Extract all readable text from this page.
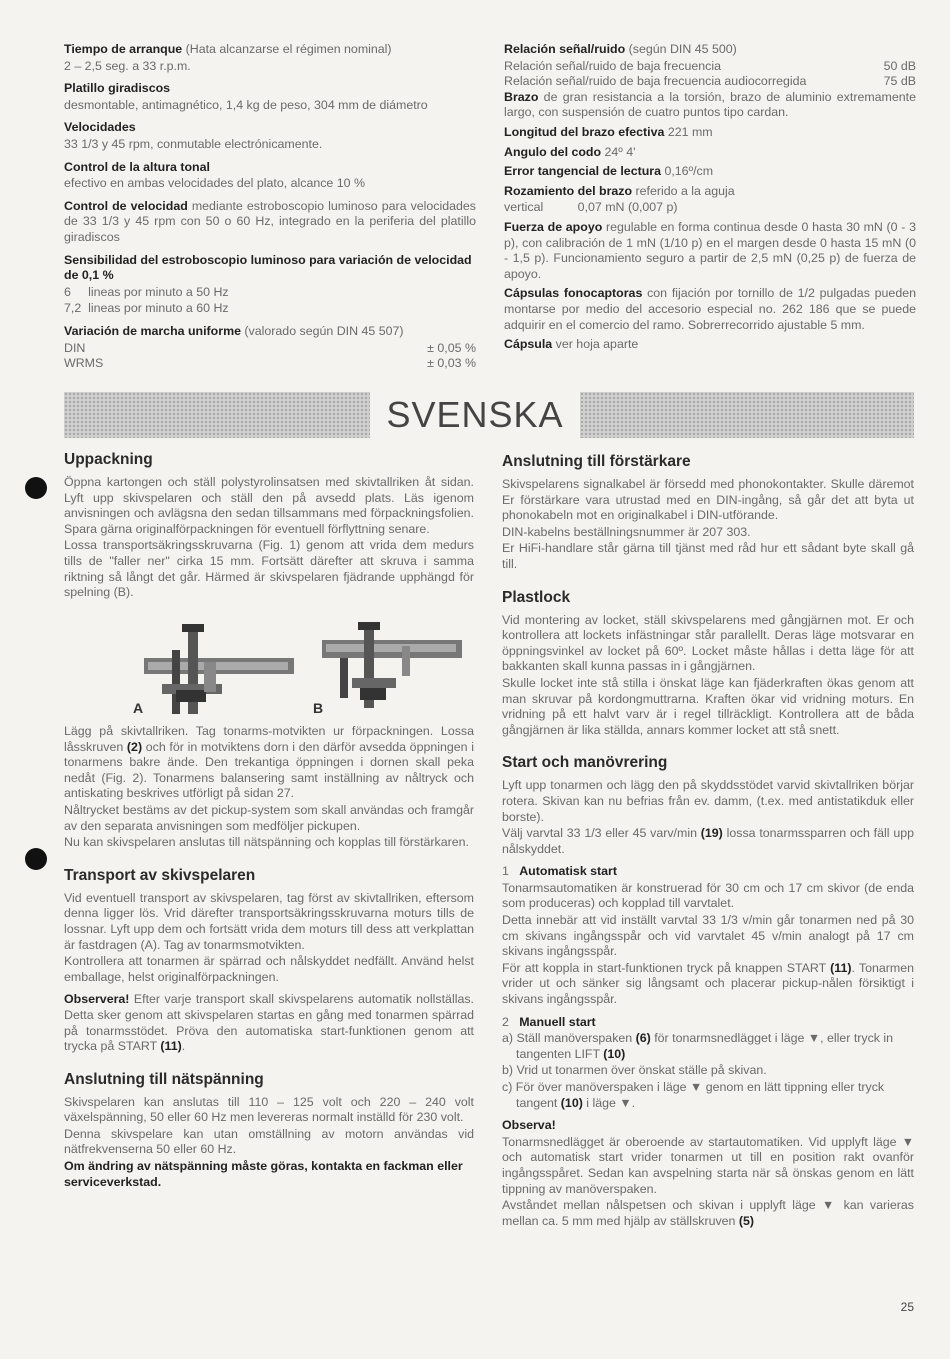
Tiempo de arranque (Hata alcanzarse el régimen nominal)

2 – 2,5 seg. a 33 r.p.m.

Platillo giradiscos

desmontable, antimagnético, 1,4 kg de peso, 304 mm de diámetro

Velocidades

33 1/3 y 45 rpm, conmutable electrónicamente.

Control de la altura tonal

efectivo en ambas velocidades del plato, alcance 10 %

Control de velocidad mediante estroboscopio luminoso para velocidades de 33 1/3 y 45 rpm con 50 o 60 Hz, integrado en la periferia del platillo giradiscos

Sensibilidad del estroboscopio luminoso para variación de velocidad de 0,1 %

6     lineas por minuto a 50 Hz

7,2  lineas por minuto a 60 Hz

Variación de marcha uniforme (valorado según DIN 45 507)

DIN	± 0,05 %
WRMS	± 0,03 %

Relación señal/ruido (según DIN 45 500)

Relación señal/ruido de baja frecuencia	50 dB
Relación señal/ruido de baja frecuencia audiocorregida	75 dB

Brazo de gran resistancia a la torsión, brazo de aluminio extremamente largo, con suspensión de cuatro puntos tipo cardan.

Longitud del brazo efectiva 221 mm

Angulo del codo 24º 4'

Error tangencial de lectura 0,16º/cm

Rozamiento del brazo referido a la aguja

vertical          0,07 mN (0,007 p)

Fuerza de apoyo regulable en forma continua desde 0 hasta 30 mN (0 - 3 p), con calibración de 1 mN (1/10 p) en el margen desde 0 hasta 15 mN (0 - 1,5 p). Funcionamiento seguro a partir de 2,5 mN (0,25 p) de fuerza de apoyo.

Cápsulas fonocaptoras con fijación por tornillo de 1/2 pulgadas pueden montarse por medio del accesorio especial no. 262 186 que se puede adquirir en el comercio del ramo. Sobrerrecorrido ajustable 5 mm.

Cápsula ver hoja aparte

SVENSKA
Uppackning

Öppna kartongen och ställ polystyrolinsatsen med skivtallriken åt sidan. Lyft upp skivspelaren och ställ den på avsedd plats. Läs igenom anvisningen och avlägsna den sedan tillsammans med förpackningsfolien. Spara gärna originalförpackningen för eventuell förflyttning senare.

Lossa transportsäkringsskruvarna (Fig. 1) genom att vrida dem medurs tills de "faller ner" cirka 15 mm. Fortsätt därefter att skruva i samma riktning så långt det går. Härmed är skivspelaren fjädrande upphängd för spelning (B).

A	B

Lägg på skivtallriken. Tag tonarms-motvikten ur förpackningen. Lossa låsskruven (2) och för in motviktens dorn i den därför avsedda öppningen i tonarmens bakre ände. Den trekantiga öppningen i dornen skall peka nedåt (Fig. 2). Tonarmens balansering samt inställning av nåltryck och antiskating beskrives utförligt på sidan 27.

Nåltrycket bestäms av det pickup-system som skall användas och framgår av den separata anvisningen som medföljer pickupen.

Nu kan skivspelaren anslutas till nätspänning och kopplas till förstärkaren.

Transport av skivspelaren

Vid eventuell transport av skivspelaren, tag först av skivtallriken, eftersom denna ligger lös. Vrid därefter transportsäkringsskruvarna moturs tills de lossnar. Lyft upp dem och fortsätt vrida dem moturs till dess att verkplattan är fastdragen (A). Tag av tonarmsmotvikten.

Kontrollera att tonarmen är spärrad och nålskyddet nedfällt. Använd helst emballage, helst originalförpackningen.

Observera! Efter varje transport skall skivspelarens automatik nollställas. Detta sker genom att skivspelaren startas en gång med tonarmen spärrad på tonarmsstödet. Pröva den automatiska start-funktionen genom att trycka på START (11).

Anslutning till nätspänning

Skivspelaren kan anslutas till 110 – 125 volt och 220 – 240 volt växelspänning, 50 eller 60 Hz men levereras normalt inställd för 230 volt.

Denna skivspelare kan utan omställning av motorn användas vid nätfrekvenserna 50 eller 60 Hz.

Om ändring av nätspänning måste göras, kontakta en fackman eller serviceverkstad.

Anslutning till förstärkare

Skivspelarens signalkabel är försedd med phonokontakter. Skulle däremot Er förstärkare vara utrustad med en DIN-ingång, så går det att byta ut phonokabeln mot en originalkabel i DIN-utförande.

DIN-kabelns beställningsnummer är 207 303.

Er HiFi-handlare står gärna till tjänst med råd hur ett sådant byte skall gå till.

Plastlock

Vid montering av locket, ställ skivspelarens med gångjärnen mot. Er och kontrollera att lockets infästningar står parallellt. Deras läge motsvarar en öppningsvinkel av locket på 60º. Locket måste hållas i detta läge för att bakkanten skall kunna passas in i gångjärnen.

Skulle locket inte stå stilla i önskat läge kan fjäderkraften ökas genom att man skruvar på kordongmuttrarna. Kraften ökar vid vridning moturs. En vridning på ett halvt varv är i regel tillräckligt. Kontrollera att de båda gångjärnen är lika ställda, annars kommer locket att stå snett.

Start och manövrering

Lyft upp tonarmen och lägg den på skyddsstödet varvid skivtallriken börjar rotera. Skivan kan nu befrias från ev. damm, (t.ex. med antistatikduk eller borste).

Välj varvtal 33 1/3 eller 45 varv/min (19) lossa tonarmssparren och fäll upp nålskyddet.

1 Automatisk start

Tonarmsautomatiken är konstruerad för 30 cm och 17 cm skivor (de enda som produceras) och kopplad till varvtalet.

Detta innebär att vid inställt varvtal 33 1/3 v/min går tonarmen ned på 30 cm skivans ingångsspår och vid varvtalet 45 v/min analogt på 17 cm skivans ingångsspår.

För att koppla in start-funktionen tryck på knappen START (11). Tonarmen vrider ut och sänker sig långsamt och placerar pickup-nålen försiktigt i skivans ingångsspår.

2 Manuell start

a) Ställ manöverspaken (6) för tonarmsnedlägget i läge ▼, eller tryck in tangenten LIFT (10)

b) Vrid ut tonarmen över önskat ställe på skivan.

c) För över manöverspaken i läge ▼ genom en lätt tippning eller tryck tangent (10) i läge ▼.

Observa!

Tonarmsnedlägget är oberoende av startautomatiken. Vid upplyft läge ▼ och automatisk start vrider tonarmen ut till en position rakt ovanför ingångsspåret. Sedan kan avspelning starta när så önskas genom en lätt tippning av manöverspaken.

Avståndet mellan nålspetsen och skivan i upplyft läge ▼ kan varieras mellan ca. 5 mm med hjälp av ställskruven (5)

25
